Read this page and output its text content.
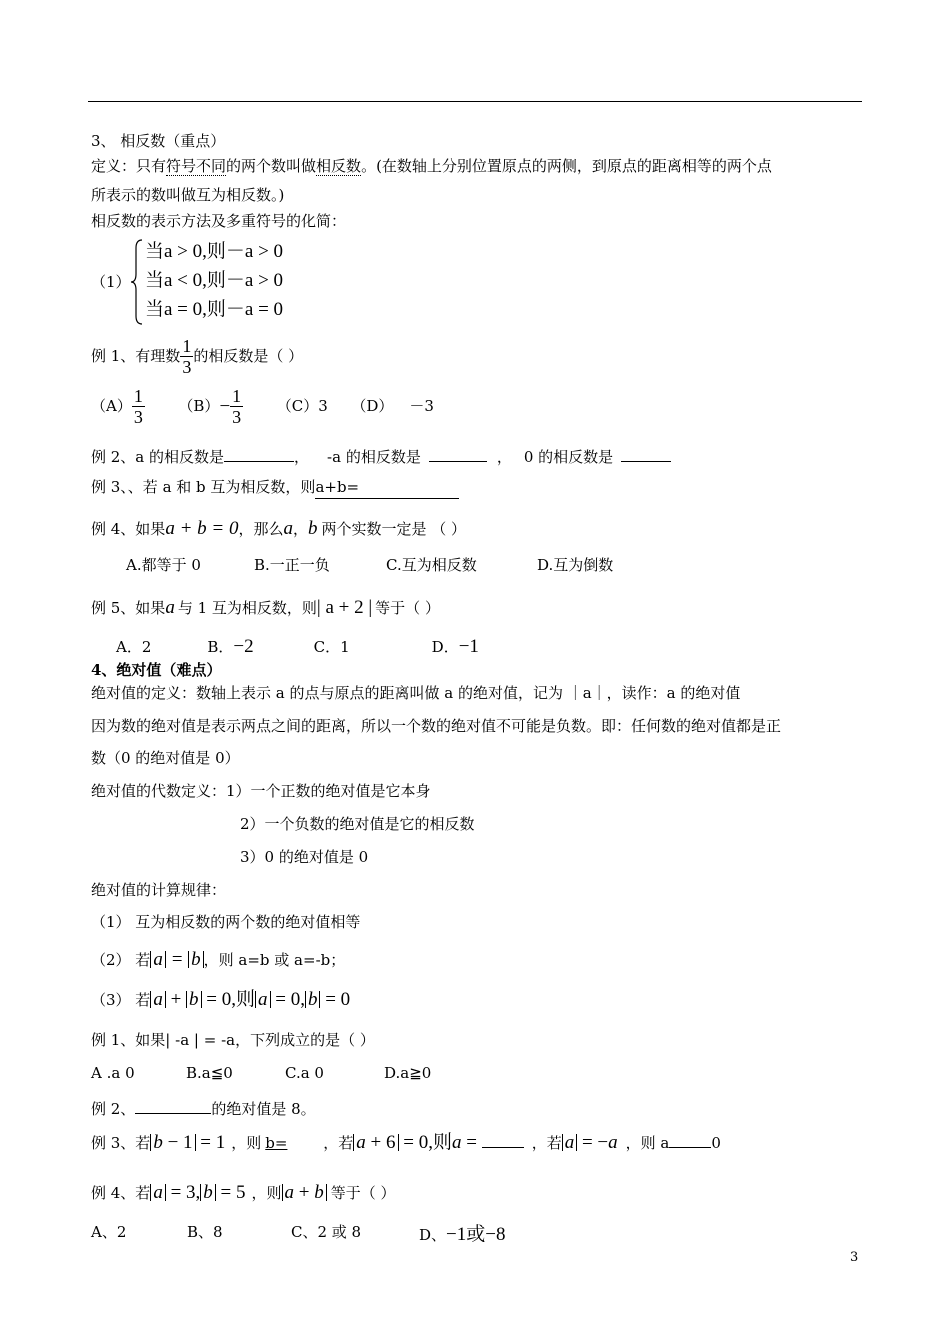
3、 相反数（重点）
定义：只有符号不同的两个数叫做相反数。(在数轴上分别位置原点的两侧，到原点的距离相等的两个点
所表示的数叫做互为相反数。)
相反数的表示方法及多重符号的化简：
（1）
当a > 0,则－a > 0
当a < 0,则－a > 0
当a = 0,则－a = 0
例 1、有理数 $\frac{1}{3}$ 的相反数是（ ）
$(A) \frac{1}{3} (B)- \frac{1}{3} (C)3$ （D） －3
例 2、a 的相反数是	， -a 的相反数是	， 0 的相反数是
例 3、、若 a 和 b 互为相反数，则a+b=
例 4、如果a + b = 0，那么a，b 两个实数一定是 （ ）
A.都等于 0	B.一正一负	C.互为相反数	D.互为倒数
例 5、如果a 与 1 互为相反数，则| a + 2 | 等于（ ）
A．2	B．−2	C．1	D．−1
4、绝对值（难点）
绝对值的定义：数轴上表示 a 的点与原点的距离叫做 a 的绝对值，记为 ｜a｜，读作：a 的绝对值
因为数的绝对值是表示两点之间的距离，所以一个数的绝对值不可能是负数。即：任何数的绝对值都是正
数（0 的绝对值是 0）
绝对值的代数定义：1）一个正数的绝对值是它本身
2）一个负数的绝对值是它的相反数
3）0 的绝对值是 0
绝对值的计算规律：
（1） 互为相反数的两个数的绝对值相等
（2） 若 a = b ，则 a=b 或 a=-b；
（3） 若 a + b = 0,则 a = 0, b = 0
例 1、如果| -a | = -a，下列成立的是（ ）
A .a 0	B.a≦0	C.a 0	D.a≧0
例 2、	的绝对值是 8。
例 3、若 b − 1 = 1 ，则 b= ，若 a + 6 = 0,则a =	，若 a = −a ，则 a	0
例 4、若 a = 3, b = 5 ，则 a + b 等于（ ）
A、2	B、8	C、2 或 8	D、−1或−8
3
